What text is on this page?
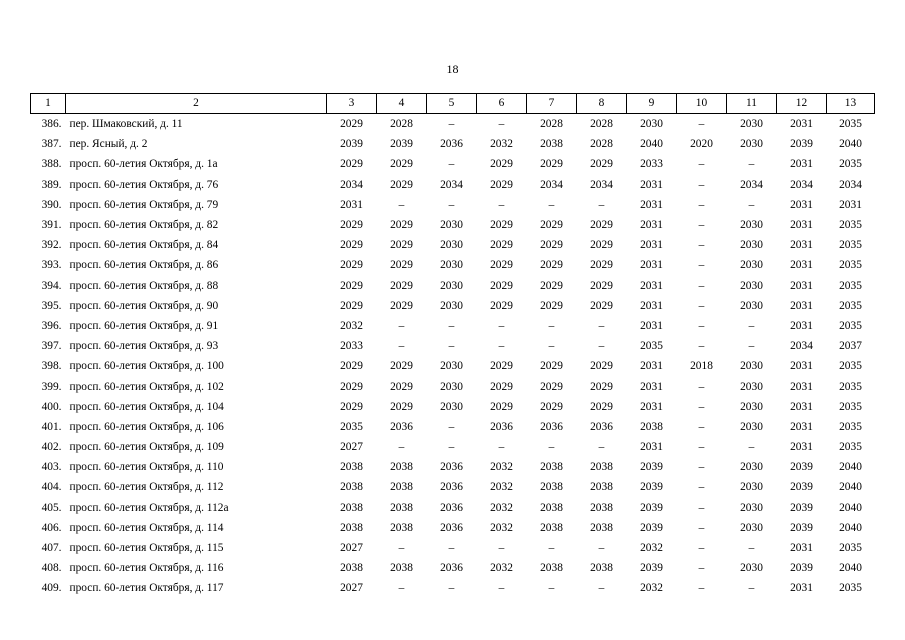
18
1	2	3	4	5	6	7	8	9	10	11	12	13
386.	пер. Шмаковский, д. 11	2029	2028	–	–	2028	2028	2030	–	2030	2031	2035
387.	пер. Ясный, д. 2	2039	2039	2036	2032	2038	2028	2040	2020	2030	2039	2040
388.	просп. 60-летия Октября, д. 1а	2029	2029	–	2029	2029	2029	2033	–	–	2031	2035
389.	просп. 60-летия Октября, д. 76	2034	2029	2034	2029	2034	2034	2031	–	2034	2034	2034
390.	просп. 60-летия Октября, д. 79	2031	–	–	–	–	–	2031	–	–	2031	2031
391.	просп. 60-летия Октября, д. 82	2029	2029	2030	2029	2029	2029	2031	–	2030	2031	2035
392.	просп. 60-летия Октября, д. 84	2029	2029	2030	2029	2029	2029	2031	–	2030	2031	2035
393.	просп. 60-летия Октября, д. 86	2029	2029	2030	2029	2029	2029	2031	–	2030	2031	2035
394.	просп. 60-летия Октября, д. 88	2029	2029	2030	2029	2029	2029	2031	–	2030	2031	2035
395.	просп. 60-летия Октября, д. 90	2029	2029	2030	2029	2029	2029	2031	–	2030	2031	2035
396.	просп. 60-летия Октября, д. 91	2032	–	–	–	–	–	2031	–	–	2031	2035
397.	просп. 60-летия Октября, д. 93	2033	–	–	–	–	–	2035	–	–	2034	2037
398.	просп. 60-летия Октября, д. 100	2029	2029	2030	2029	2029	2029	2031	2018	2030	2031	2035
399.	просп. 60-летия Октября, д. 102	2029	2029	2030	2029	2029	2029	2031	–	2030	2031	2035
400.	просп. 60-летия Октября, д. 104	2029	2029	2030	2029	2029	2029	2031	–	2030	2031	2035
401.	просп. 60-летия Октября, д. 106	2035	2036	–	2036	2036	2036	2038	–	2030	2031	2035
402.	просп. 60-летия Октября, д. 109	2027	–	–	–	–	–	2031	–	–	2031	2035
403.	просп. 60-летия Октября, д. 110	2038	2038	2036	2032	2038	2038	2039	–	2030	2039	2040
404.	просп. 60-летия Октября, д. 112	2038	2038	2036	2032	2038	2038	2039	–	2030	2039	2040
405.	просп. 60-летия Октября, д. 112а	2038	2038	2036	2032	2038	2038	2039	–	2030	2039	2040
406.	просп. 60-летия Октября, д. 114	2038	2038	2036	2032	2038	2038	2039	–	2030	2039	2040
407.	просп. 60-летия Октября, д. 115	2027	–	–	–	–	–	2032	–	–	2031	2035
408.	просп. 60-летия Октября, д. 116	2038	2038	2036	2032	2038	2038	2039	–	2030	2039	2040
409.	просп. 60-летия Октября, д. 117	2027	–	–	–	–	–	2032	–	–	2031	2035
